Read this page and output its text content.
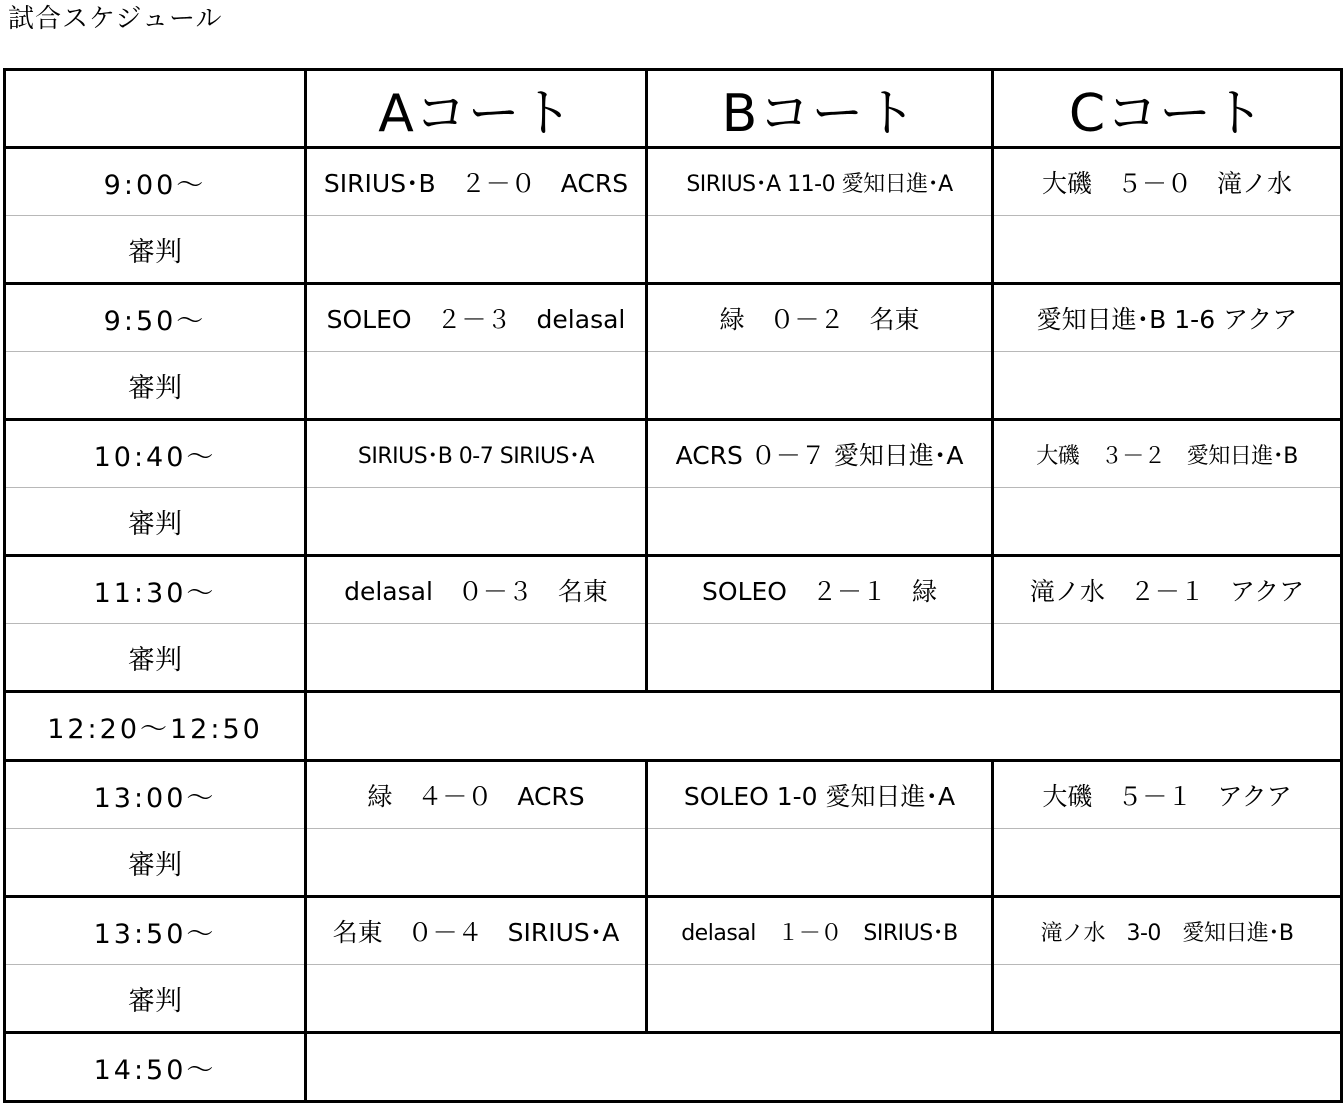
試合スケジュール
	Aコート	Bコート	Cコート
9:00～	SIRIUS･B　２－０　ACRS	SIRIUS･A 11-0 愛知日進･A	大磯　５－０　滝ノ水
審判			
9:50～	SOLEO　２－３　delasal	緑　０－２　名東	愛知日進･B 1-6 アクア
審判			
10:40～	SIRIUS･B 0-7 SIRIUS･A	ACRS ０－７ 愛知日進･A	大磯　３－２　愛知日進･B
審判			
11:30～	delasal　０－３　名東	SOLEO　２－１　緑	滝ノ水　２－１　アクア
審判			
12:20～12:50			
13:00～	緑　４－０　ACRS	SOLEO 1-0 愛知日進･A	大磯　５－１　アクア
審判			
13:50～	名東　０－４　SIRIUS･A	delasal　１－０　SIRIUS･B	滝ノ水　3-0　愛知日進･B
審判			
14:50～			
